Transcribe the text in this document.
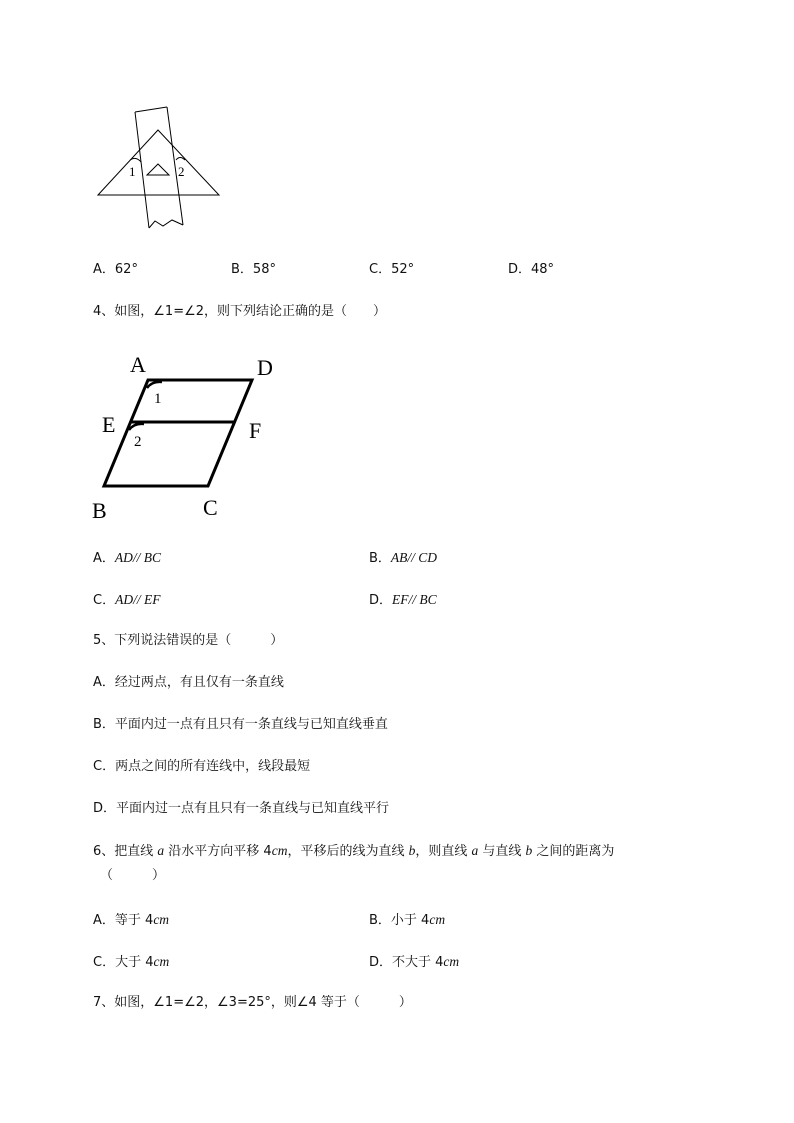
1	2
A．62°	B．58°	C．52°	D．48°
4、如图，∠1=∠2，则下列结论正确的是（　　）
A	D
E	F
B	C
1
2
A．AD// BC	B．AB// CD
C．AD// EF	D．EF// BC
5、下列说法错误的是（　　　）
A．经过两点，有且仅有一条直线
B．平面内过一点有且只有一条直线与已知直线垂直
C．两点之间的所有连线中，线段最短
D．平面内过一点有且只有一条直线与已知直线平行
6、把直线 a 沿水平方向平移 4cm，平移后的线为直线 b，则直线 a 与直线 b 之间的距离为
（　　　）
A．等于 4cm	B．小于 4cm
C．大于 4cm	D．不大于 4cm
7、如图，∠1=∠2，∠3=25°，则∠4 等于（　　　）
